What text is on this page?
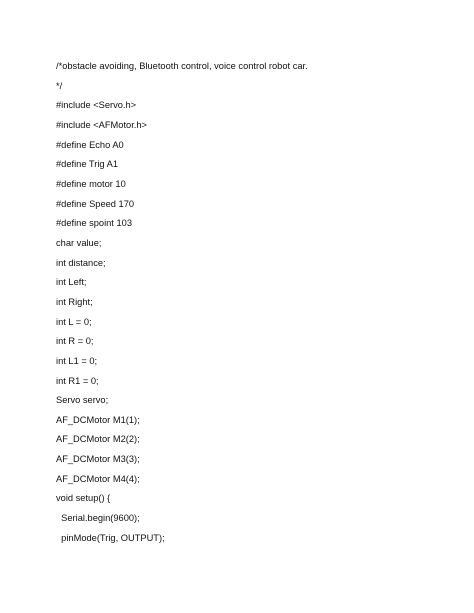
/*obstacle avoiding, Bluetooth control, voice control robot car.
*/
#include <Servo.h>
#include <AFMotor.h>
#define Echo A0
#define Trig A1
#define motor 10
#define Speed 170
#define spoint 103
char value;
int distance;
int Left;
int Right;
int L = 0;
int R = 0;
int L1 = 0;
int R1 = 0;
Servo servo;
AF_DCMotor M1(1);
AF_DCMotor M2(2);
AF_DCMotor M3(3);
AF_DCMotor M4(4);
void setup() {
Serial.begin(9600);
pinMode(Trig, OUTPUT);
